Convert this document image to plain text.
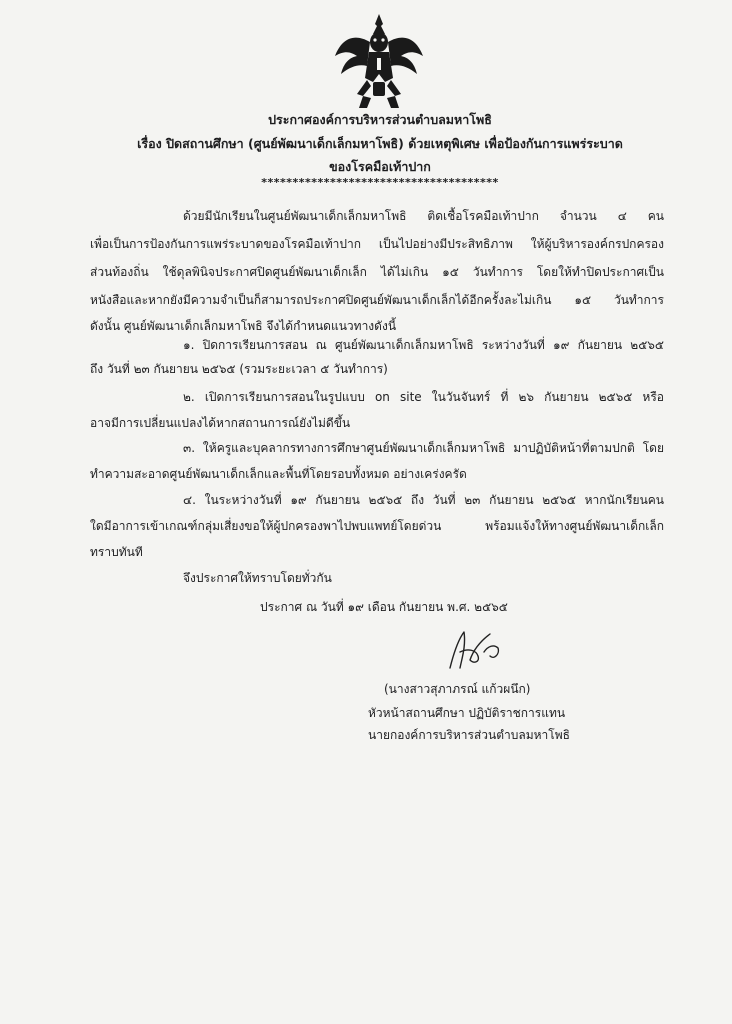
ประกาศองค์การบริหารส่วนตำบลมหาโพธิ
เรื่อง ปิดสถานศึกษา (ศูนย์พัฒนาเด็กเล็กมหาโพธิ) ด้วยเหตุพิเศษ เพื่อป้องกันการแพร่ระบาด
ของโรคมือเท้าปาก
**************************************
ด้วยมีนักเรียนในศูนย์พัฒนาเด็กเล็กมหาโพธิ ติดเชื้อโรคมือเท้าปาก จำนวน ๔ คน
เพื่อเป็นการป้องกันการแพร่ระบาดของโรคมือเท้าปาก เป็นไปอย่างมีประสิทธิภาพ ให้ผู้บริหารองค์กรปกครอง
ส่วนท้องถิ่น ใช้ดุลพินิจประกาศปิดศูนย์พัฒนาเด็กเล็ก ได้ไม่เกิน ๑๕ วันทำการ โดยให้ทำปิดประกาศเป็น
หนังสือและหากยังมีความจำเป็นก็สามารถประกาศปิดศูนย์พัฒนาเด็กเล็กได้อีกครั้งละไม่เกิน ๑๕ วันทำการ
ดังนั้น ศูนย์พัฒนาเด็กเล็กมหาโพธิ จึงได้กำหนดแนวทางดังนี้
๑. ปิดการเรียนการสอน ณ ศูนย์พัฒนาเด็กเล็กมหาโพธิ ระหว่างวันที่ ๑๙ กันยายน ๒๕๖๕
ถึง วันที่ ๒๓ กันยายน ๒๕๖๕ (รวมระยะเวลา ๕ วันทำการ)
๒. เปิดการเรียนการสอนในรูปแบบ on site ในวันจันทร์ ที่ ๒๖ กันยายน ๒๕๖๕ หรือ
อาจมีการเปลี่ยนแปลงได้หากสถานการณ์ยังไม่ดีขึ้น
๓. ให้ครูและบุคลากรทางการศึกษาศูนย์พัฒนาเด็กเล็กมหาโพธิ มาปฏิบัติหน้าที่ตามปกติ โดย
ทำความสะอาดศูนย์พัฒนาเด็กเล็กและพื้นที่โดยรอบทั้งหมด อย่างเคร่งครัด
๔. ในระหว่างวันที่ ๑๙ กันยายน ๒๕๖๕ ถึง วันที่ ๒๓ กันยายน ๒๕๖๕ หากนักเรียนคน
ใดมีอาการเข้าเกณฑ์กลุ่มเสี่ยงขอให้ผู้ปกครองพาไปพบแพทย์โดยด่วน พร้อมแจ้งให้ทางศูนย์พัฒนาเด็กเล็ก
ทราบทันที
จึงประกาศให้ทราบโดยทั่วกัน
ประกาศ ณ วันที่ ๑๙ เดือน กันยายน พ.ศ. ๒๕๖๕
(นางสาวสุภาภรณ์ แก้วผนึก)
หัวหน้าสถานศึกษา ปฏิบัติราชการแทน
นายกองค์การบริหารส่วนตำบลมหาโพธิ
